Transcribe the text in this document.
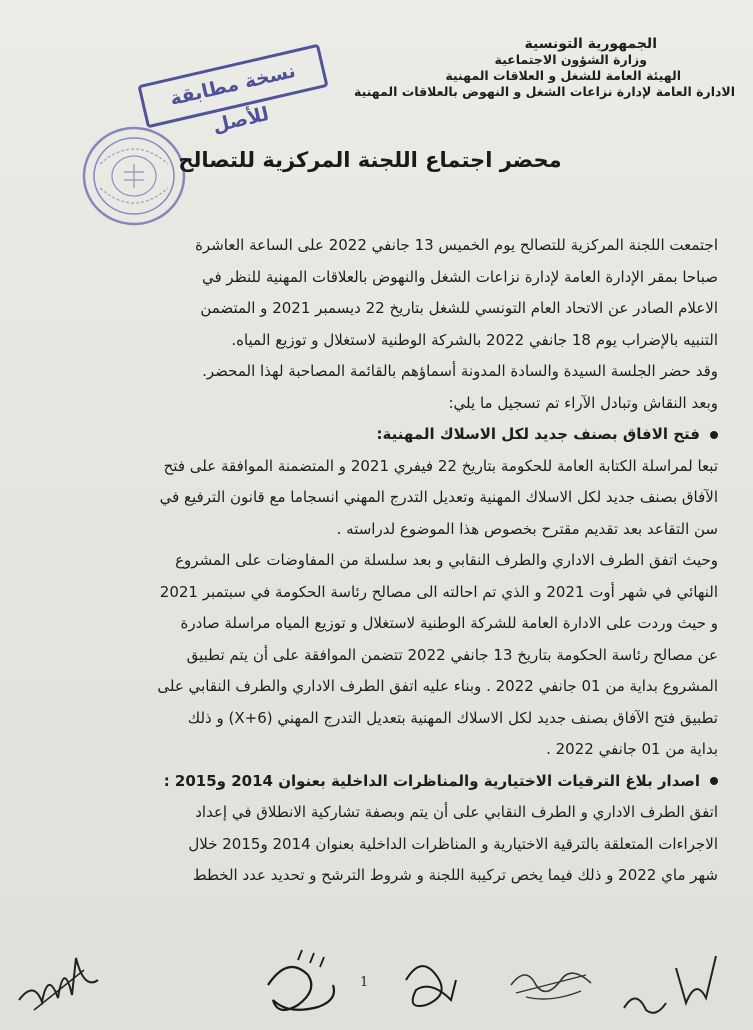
الجمهورية التونسية
وزارة الشؤون الاجتماعية
الهيئة العامة للشغل و العلاقات المهنية
الادارة العامة لإدارة نزاعات الشغل و النهوض بالعلاقات المهنية
نسخة مطابقة للأصل
محضر اجتماع اللجنة المركزية للتصالح
اجتمعت اللجنة المركزية للتصالح يوم الخميس 13 جانفي 2022 على الساعة العاشرة
صباحا بمقر الإدارة العامة لإدارة نزاعات الشغل والنهوض بالعلاقات المهنية للنظر في
الاعلام الصادر عن الاتحاد العام التونسي للشغل بتاريخ 22 ديسمبر 2021 و المتضمن
التنبيه بالإضراب يوم 18 جانفي 2022 بالشركة الوطنية لاستغلال و توزيع المياه.
وقد حضر الجلسة السيدة والسادة المدونة أسماؤهم بالقائمة المصاحبة لهذا المحضر.
وبعد النقاش وتبادل الآراء تم تسجيل ما يلي:
فتح الافاق بصنف جديد لكل الاسلاك المهنية:
تبعا لمراسلة الكتابة العامة للحكومة بتاريخ 22 فيفري 2021 و المتضمنة الموافقة على فتح
الآفاق بصنف جديد لكل الاسلاك المهنية وتعديل التدرج المهني انسجاما مع قانون الترفيع في
سن التقاعد بعد تقديم مقترح بخصوص هذا الموضوع لدراسته .
وحيث اتفق الطرف الاداري والطرف النقابي و بعد سلسلة من المفاوضات على المشروع
النهائي في شهر أوت 2021 و الذي تم احالته الى مصالح رئاسة الحكومة في سبتمبر 2021
و حيث وردت على الادارة العامة للشركة الوطنية لاستغلال و توزيع المياه مراسلة صادرة
عن مصالح رئاسة الحكومة بتاريخ 13 جانفي 2022 تتضمن الموافقة على أن يتم تطبيق
المشروع بداية من 01 جانفي 2022 . وبناء عليه اتفق الطرف الاداري والطرف النقابي على
تطبيق فتح الآفاق بصنف جديد لكل الاسلاك المهنية بتعديل التدرج المهني (6+X) و ذلك
بداية من 01 جانفي 2022 .
اصدار بلاغ الترقيات الاختيارية والمناظرات الداخلية بعنوان 2014 و2015 :
اتفق الطرف الاداري و الطرف النقابي على أن يتم وبصفة تشاركية الانطلاق في إعداد
الاجراءات المتعلقة بالترقية الاختيارية و المناظرات الداخلية بعنوان 2014 و2015 خلال
شهر ماي 2022 و ذلك فيما يخص تركيبة اللجنة و شروط الترشح و تحديد عدد الخطط
1
